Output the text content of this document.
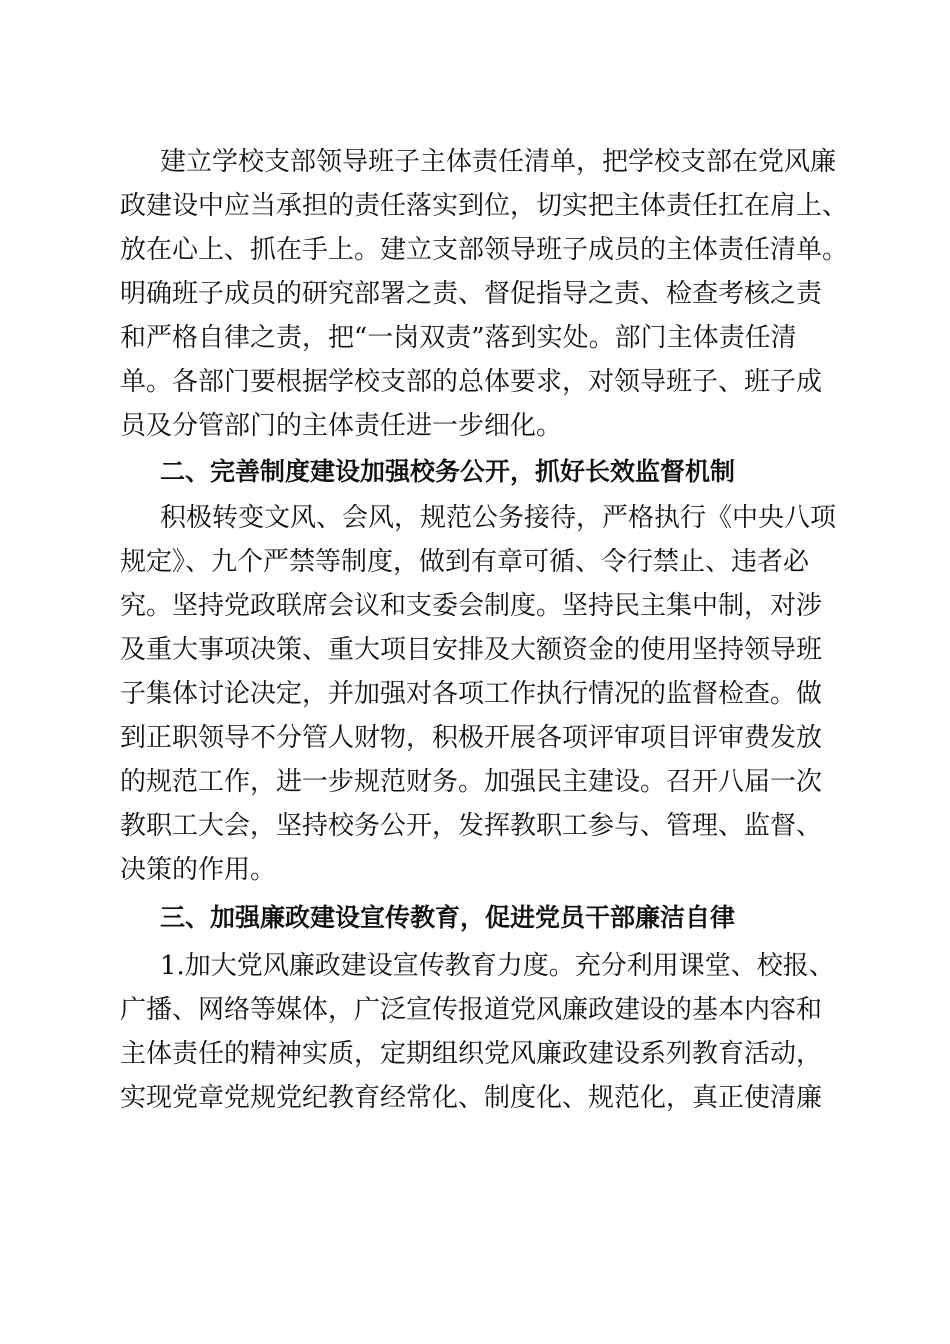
建立学校支部领导班子主体责任清单，把学校支部在党风廉
政建设中应当承担的责任落实到位，切实把主体责任扛在肩上、
放在心上、抓在手上。建立支部领导班子成员的主体责任清单。
明确班子成员的研究部署之责、督促指导之责、检查考核之责
和严格自律之责，把“一岗双责”落到实处。部门主体责任清
单。各部门要根据学校支部的总体要求，对领导班子、班子成
员及分管部门的主体责任进一步细化。
二、完善制度建设加强校务公开，抓好长效监督机制
积极转变文风、会风，规范公务接待，严格执行《中央八项
规定》、九个严禁等制度，做到有章可循、令行禁止、违者必
究。坚持党政联席会议和支委会制度。坚持民主集中制，对涉
及重大事项决策、重大项目安排及大额资金的使用坚持领导班
子集体讨论决定，并加强对各项工作执行情况的监督检查。做
到正职领导不分管人财物，积极开展各项评审项目评审费发放
的规范工作，进一步规范财务。加强民主建设。召开八届一次
教职工大会，坚持校务公开，发挥教职工参与、管理、监督、
决策的作用。
三、加强廉政建设宣传教育，促进党员干部廉洁自律
1.加大党风廉政建设宣传教育力度。充分利用课堂、校报、
广播、网络等媒体，广泛宣传报道党风廉政建设的基本内容和
主体责任的精神实质，定期组织党风廉政建设系列教育活动，
实现党章党规党纪教育经常化、制度化、规范化，真正使清廉
